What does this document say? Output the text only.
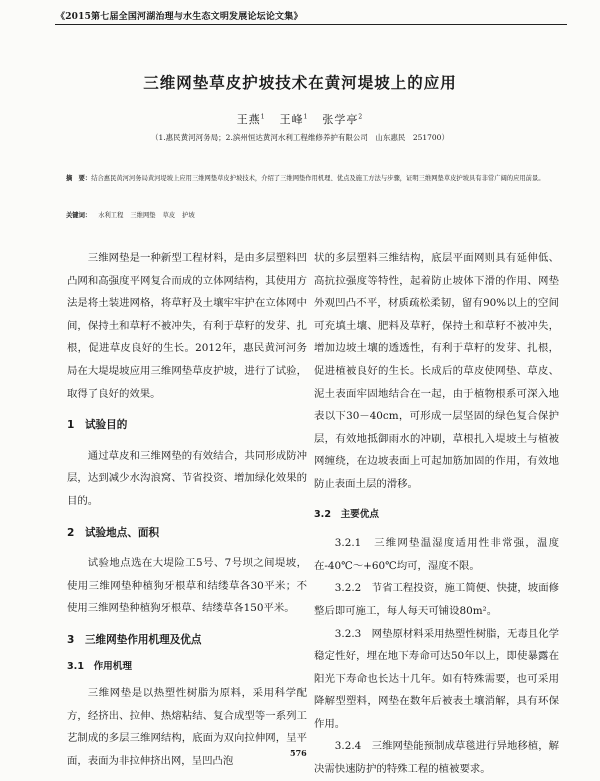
《2015第七届全国河湖治理与水生态文明发展论坛论文集》
三维网垫草皮护坡技术在黄河堤坡上的应用
王燕$^1$ 王峰$^1$ 张学亭$^2$
（1.惠民黄河河务局；2.滨州恒达黄河水利工程维修养护有限公司　山东惠民　251700）
摘　要：结合惠民黄河河务局黄河堤坡上应用三维网垫草皮护坡技术，介绍了三维网垫作用机理、优点及施工方法与步骤，证明三维网垫草皮护坡具有非常广阔的应用前景。
关键词： 水利工程 三维网垫 草皮 护坡

三维网垫是一种新型工程材料，是由多层塑料凹凸网和高强度平网复合而成的立体网结构，其使用方法是将土装进网格，将草籽及土壤牢牢护在立体网中间，保持土和草籽不被冲失，有利于草籽的发芽、扎根，促进草皮良好的生长。2012年，惠民黄河河务局在大堤堤坡应用三维网垫草皮护坡，进行了试验，取得了良好的效果。

1　试验目的

通过草皮和三维网垫的有效结合，共同形成防冲层，达到减少水沟浪窝、节省投资、增加绿化效果的目的。

2　试验地点、面积

试验地点选在大堤险工5号、7号坝之间堤坡，使用三维网垫种植狗牙根草和结缕草各30平米；不使用三维网垫种植狗牙根草、结缕草各150平米。

3　三维网垫作用机理及优点

3.1　作用机理

三维网垫是以热塑性树脂为原料，采用科学配方，经挤出、拉伸、热熔粘结、复合成型等一系列工艺制成的多层三维网结构，底面为双向拉伸网，呈平面，表面为非拉伸挤出网，呈凹凸泡

状的多层塑料三维结构，底层平面网则具有延伸低、高抗拉强度等特性，起着防止坡体下滑的作用、网垫外观凹凸不平，材质疏松柔韧，留有90%以上的空间可充填土壤、肥料及草籽，保持土和草籽不被冲失，增加边坡土壤的透透性，有利于草籽的发芽、扎根，促进植被良好的生长。长成后的草皮使网垫、草皮、泥土表面牢固地结合在一起，由于植物根系可深入地表以下30－40cm，可形成一层坚固的绿色复合保护层，有效地抵御雨水的冲刷，草根扎入堤坡土与植被网缠绕，在边坡表面上可起加筋加固的作用，有效地防止表面土层的滑移。

3.2　主要优点

3.2.1　三维网垫温湿度适用性非常强，温度在-40℃～+60℃均可，湿度不限。

3.2.2　节省工程投资，施工简便、快捷，坡面修整后即可施工，每人每天可铺设80m²。

3.2.3　网垫原材料采用热塑性树脂，无毒且化学稳定性好，埋在地下寿命可达50年以上，即使暴露在阳光下寿命也长达十几年。如有特殊需要，也可采用降解型塑料，网垫在数年后被表土壤消解，具有环保作用。

3.2.4　三维网垫能预制成草毯进行异地移植，解决需快速防护的特殊工程的植被要求。

576
